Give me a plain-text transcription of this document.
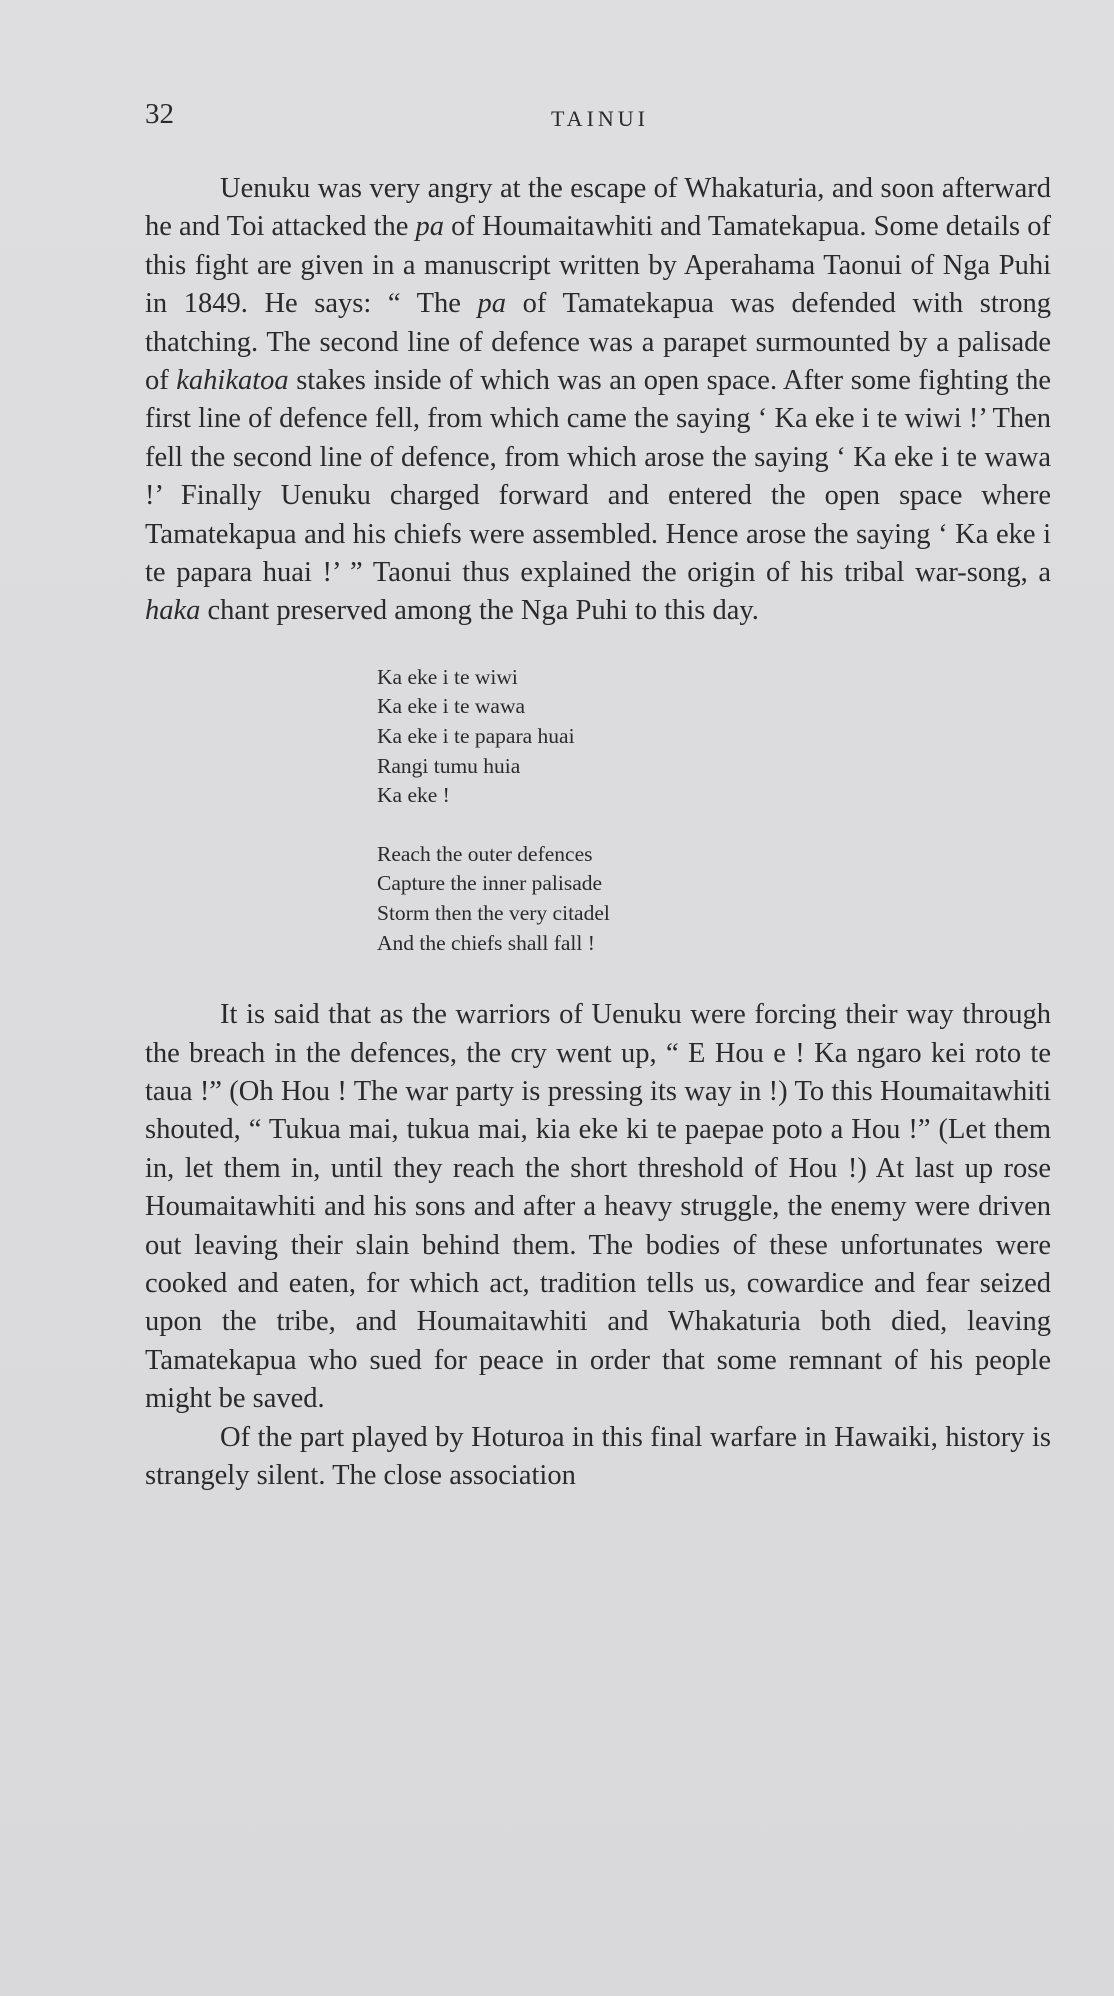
32	TAINUI

Uenuku was very angry at the escape of Whakaturia, and soon afterward he and Toi attacked the pa of Houmaitawhiti and Tamatekapua. Some details of this fight are given in a manuscript written by Aperahama Taonui of Nga Puhi in 1849. He says: “ The pa of Tamatekapua was defended with strong thatching. The second line of defence was a parapet surmounted by a palisade of kahikatoa stakes inside of which was an open space. After some fighting the first line of defence fell, from which came the saying ‘ Ka eke i te wiwi !’ Then fell the second line of defence, from which arose the saying ‘ Ka eke i te wawa !’ Finally Uenuku charged forward and entered the open space where Tamatekapua and his chiefs were assembled. Hence arose the saying ‘ Ka eke i te papara huai !’ ” Taonui thus explained the origin of his tribal war-song, a haka chant preserved among the Nga Puhi to this day.

Ka eke i te wiwi
Ka eke i te wawa
Ka eke i te papara huai
Rangi tumu huia
Ka eke !
Reach the outer defences
Capture the inner palisade
Storm then the very citadel
And the chiefs shall fall !

It is said that as the warriors of Uenuku were forcing their way through the breach in the defences, the cry went up, “ E Hou e ! Ka ngaro kei roto te taua !” (Oh Hou ! The war party is pressing its way in !) To this Houmaitawhiti shouted, “ Tukua mai, tukua mai, kia eke ki te paepae poto a Hou !” (Let them in, let them in, until they reach the short threshold of Hou !) At last up rose Houmaitawhiti and his sons and after a heavy struggle, the enemy were driven out leaving their slain behind them. The bodies of these unfortunates were cooked and eaten, for which act, tradition tells us, cowardice and fear seized upon the tribe, and Houmaitawhiti and Whakaturia both died, leaving Tamatekapua who sued for peace in order that some remnant of his people might be saved.

Of the part played by Hoturoa in this final warfare in Hawaiki, history is strangely silent. The close association
